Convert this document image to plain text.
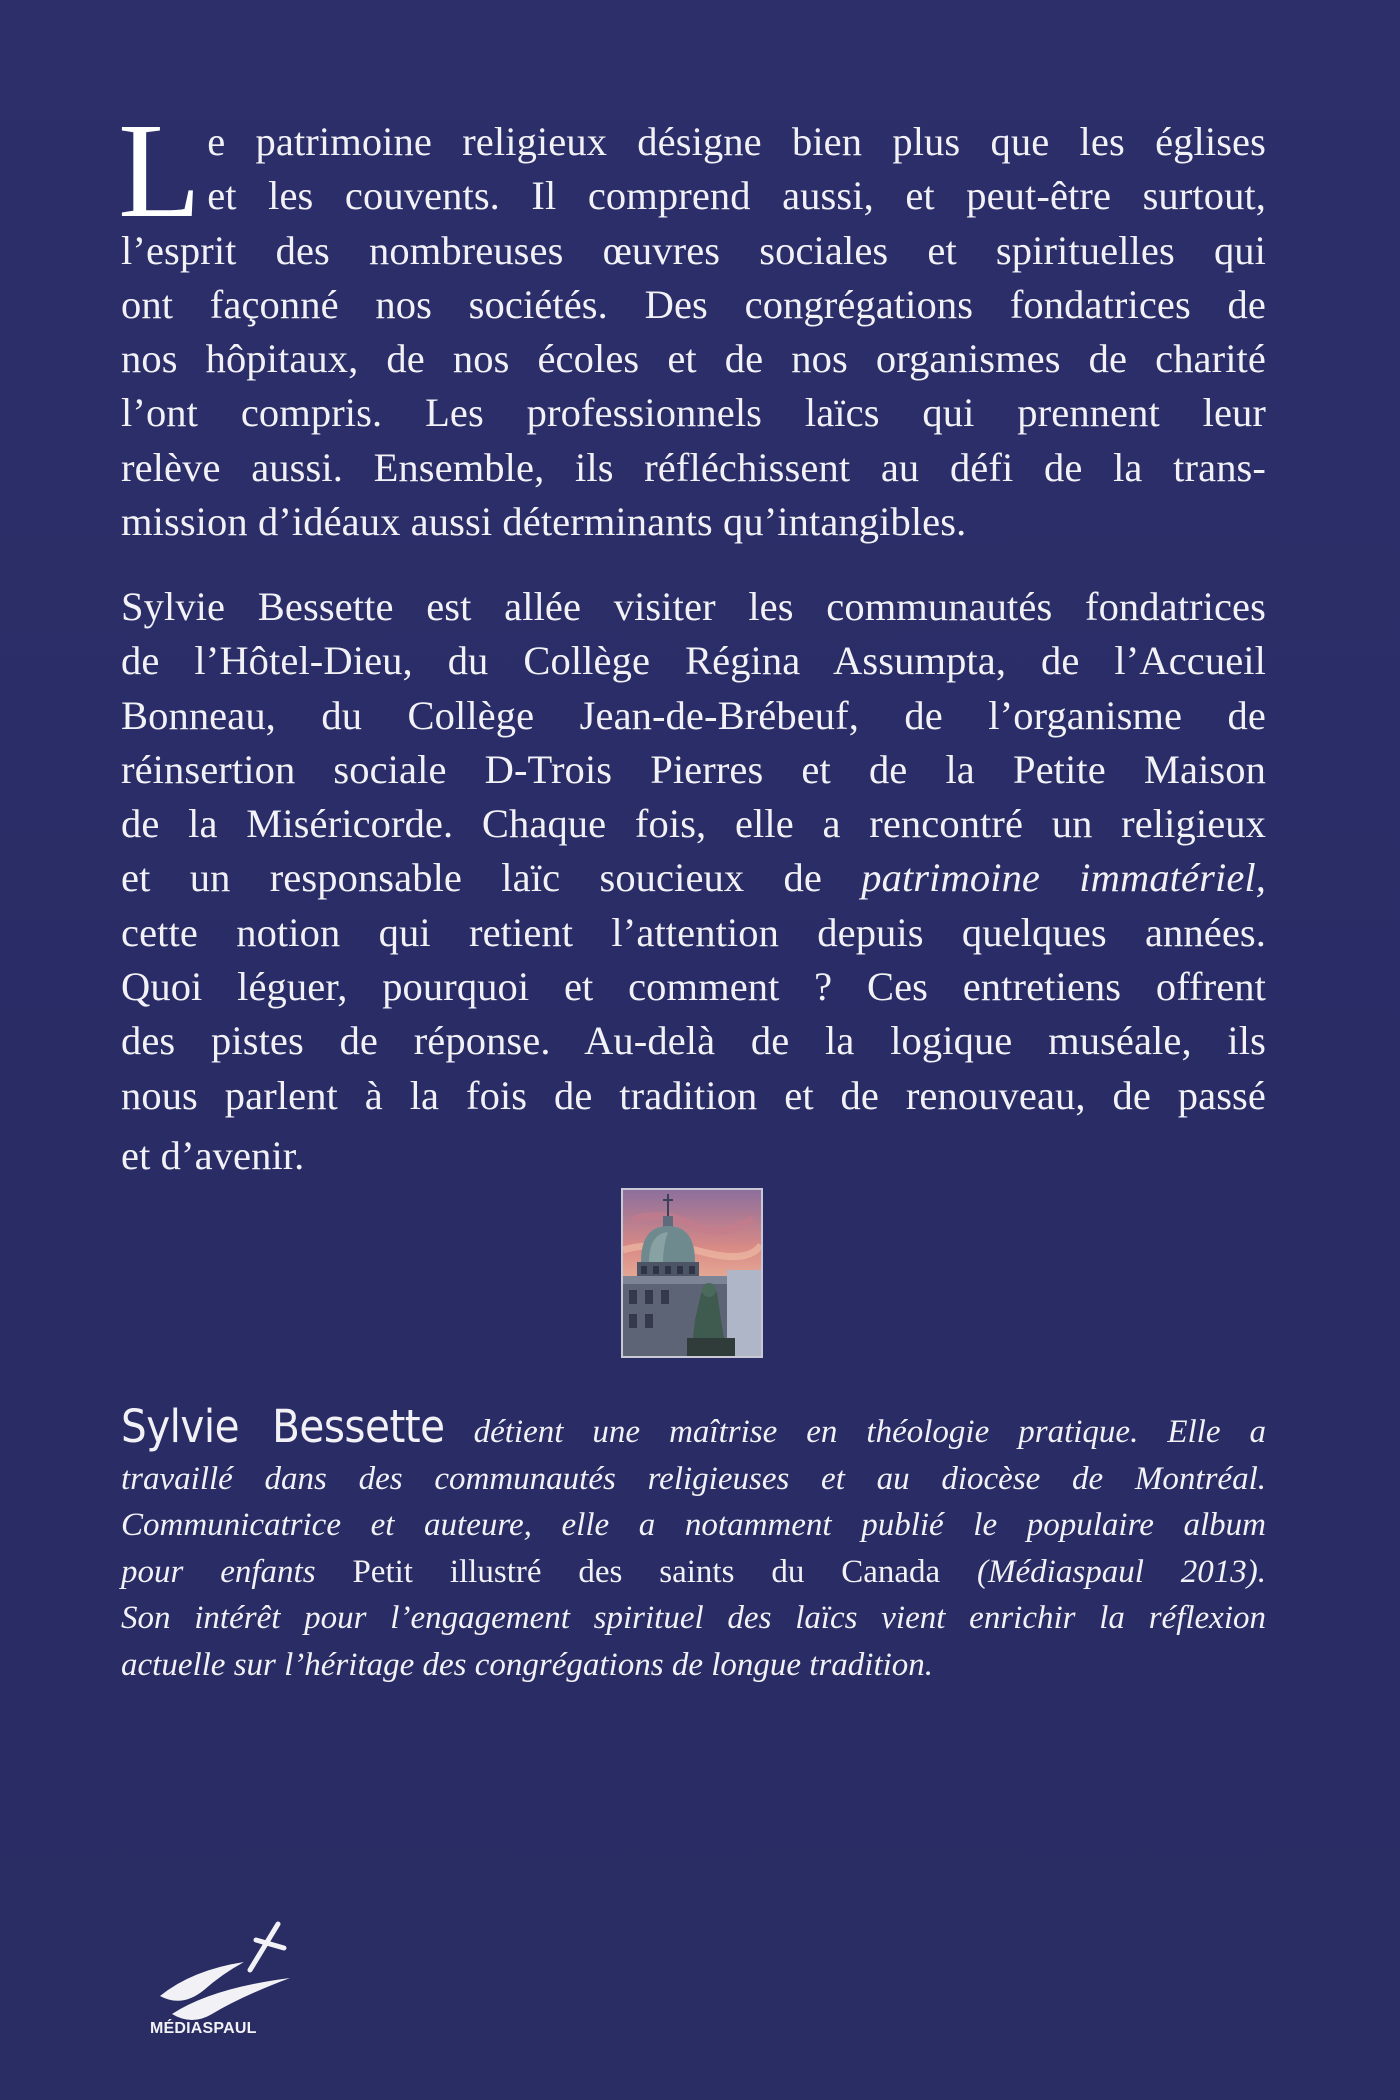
L e patrimoine religieux désigne bien plus que les églises
et les couvents. Il comprend aussi, et peut-être surtout,
l’esprit des nombreuses œuvres sociales et spirituelles qui
ont façonné nos sociétés. Des congrégations fondatrices de
nos hôpitaux, de nos écoles et de nos organismes de charité
l’ont compris. Les professionnels laïcs qui prennent leur
relève aussi. Ensemble, ils réfléchissent au défi de la trans-
mission d’idéaux aussi déterminants qu’intangibles.
Sylvie Bessette est allée visiter les communautés fondatrices
de l’Hôtel-Dieu, du Collège Régina Assumpta, de l’Accueil
Bonneau, du Collège Jean-de-Brébeuf, de l’organisme de
réinsertion sociale D-Trois Pierres et de la Petite Maison
de la Miséricorde. Chaque fois, elle a rencontré un religieux
et un responsable laïc soucieux de patrimoine immatériel,
cette notion qui retient l’attention depuis quelques années.
Quoi léguer, pourquoi et comment ? Ces entretiens offrent
des pistes de réponse. Au-delà de la logique muséale, ils
nous parlent à la fois de tradition et de renouveau, de passé
et d’avenir.
Sylvie Bessette détient une maîtrise en théologie pratique. Elle a
travaillé dans des communautés religieuses et au diocèse de Montréal.
Communicatrice et auteure, elle a notamment publié le populaire album
pour enfants Petit illustré des saints du Canada (Médiaspaul 2013).
Son intérêt pour l’engagement spirituel des laïcs vient enrichir la réflexion
actuelle sur l’héritage des congrégations de longue tradition.
MÉDIASPAUL
